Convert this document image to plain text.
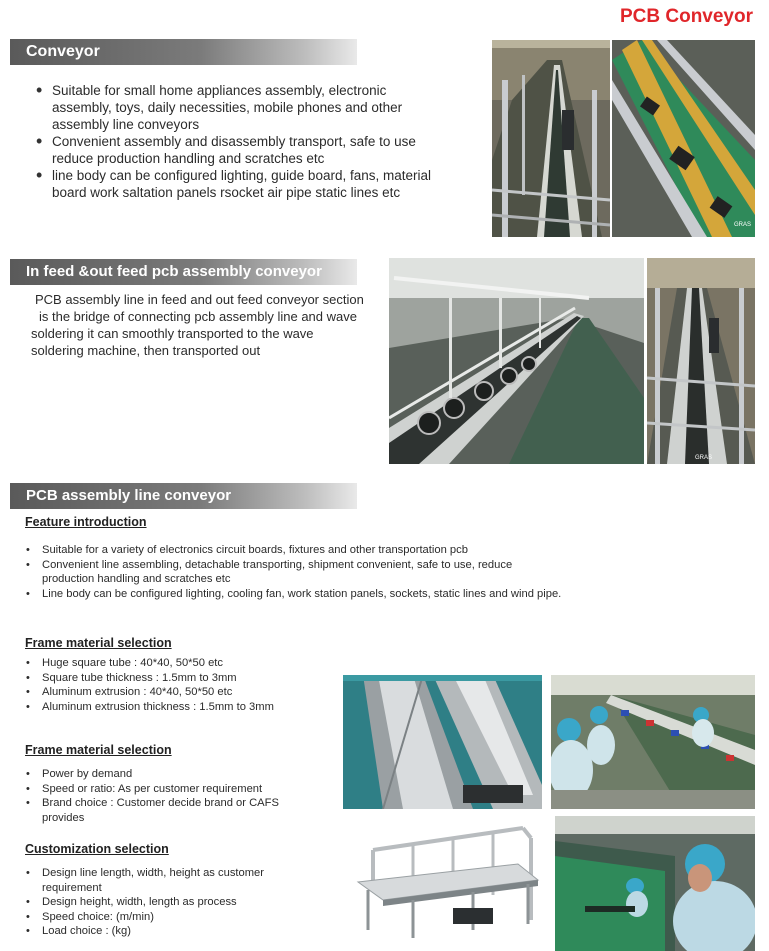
PCB Conveyor
Conveyor
• Suitable for small home appliances assembly, electronic assembly, toys, daily necessities, mobile phones and other assembly line conveyors
• Convenient assembly and disassembly transport, safe to use reduce production handling and scratches etc
• line body can be configured lighting, guide board, fans, material board work saltation panels rsocket air pipe static lines etc
GRAS
In feed &out feed pcb assembly conveyor
PCB assembly line in feed and out feed conveyor section
is the bridge of connecting pcb assembly line and wave
soldering it can smoothly transported to the wave
soldering machine, then transported out
GRAS
PCB assembly line conveyor
Feature introduction
• Suitable for a variety of electronics circuit boards, fixtures and other transportation pcb
• Convenient line assembling, detachable transporting, shipment convenient, safe to use, reduce production handling and scratches etc
• Line body can be configured lighting, cooling fan, work station panels, sockets, static lines and wind pipe.
Frame material selection
• Huge square tube : 40*40, 50*50 etc
• Square tube thickness : 1.5mm to 3mm
• Aluminum extrusion : 40*40, 50*50 etc
• Aluminum extrusion thickness : 1.5mm to 3mm
Frame material selection
• Power by demand
• Speed or ratio: As per customer requirement
• Brand choice : Customer decide brand or CAFS provides
Customization selection
• Design line length, width, height as customer requirement
• Design height, width, length as process
• Speed choice: (m/min)
• Load choice : (kg)
